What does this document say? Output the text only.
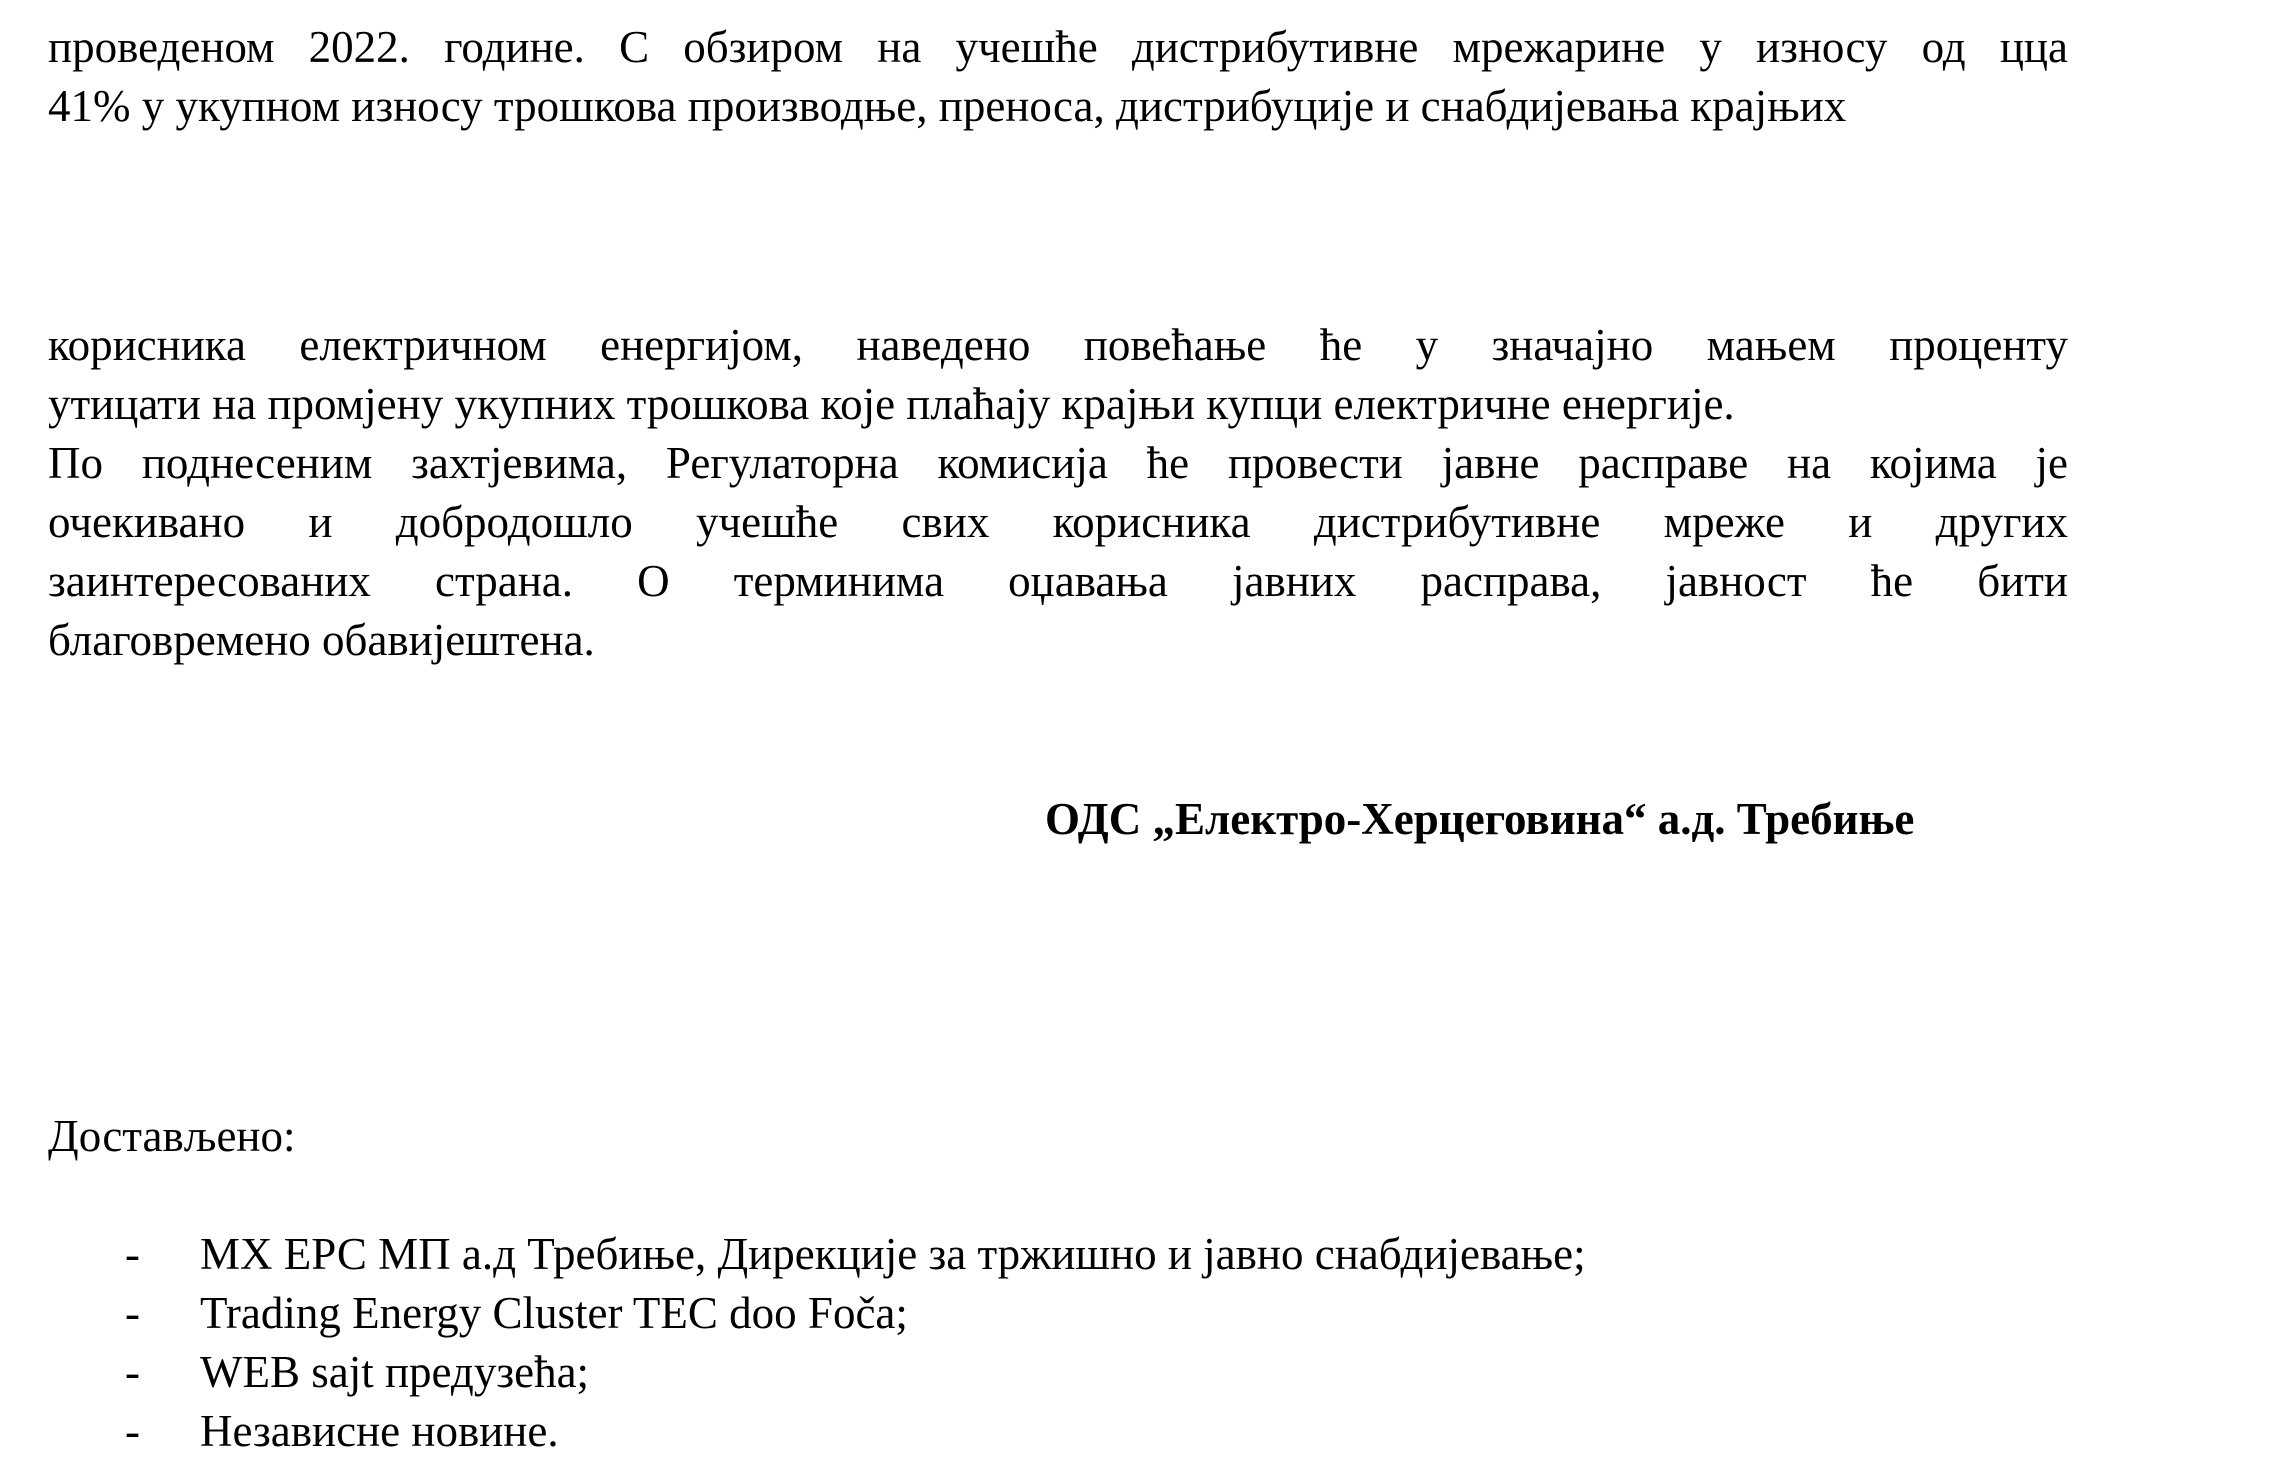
проведеном 2022. године. С обзиром на учешће дистрибутивне мрежарине у износу од цца
41% у укупном износу трошкова производње, преноса, дистрибуције и снабдијевања крајњих
корисника електричном енергијом, наведено повећање ће у значајно мањем проценту
утицати на промјену укупних трошкова које плаћају крајњи купци електричне енергије.
По поднесеним захтјевима, Регулаторна комисија ће провести јавне расправе на којима је
очекивано и добродошло учешће свих корисника дистрибутивне мреже и других
заинтересованих страна. О терминима оџавања јавних расправа, јавност ће бити
благовремено обавијештена.
ОДС „Електро-Херцеговина“ а.д. Требиње
Достављено:
- МХ ЕРС МП а.д Требиње, Дирекције за тржишно и јавно снабдијевање;
- Trading Energy Cluster TEC doo Foča;
- WEB sajt предузећа;
- Независне новине.
